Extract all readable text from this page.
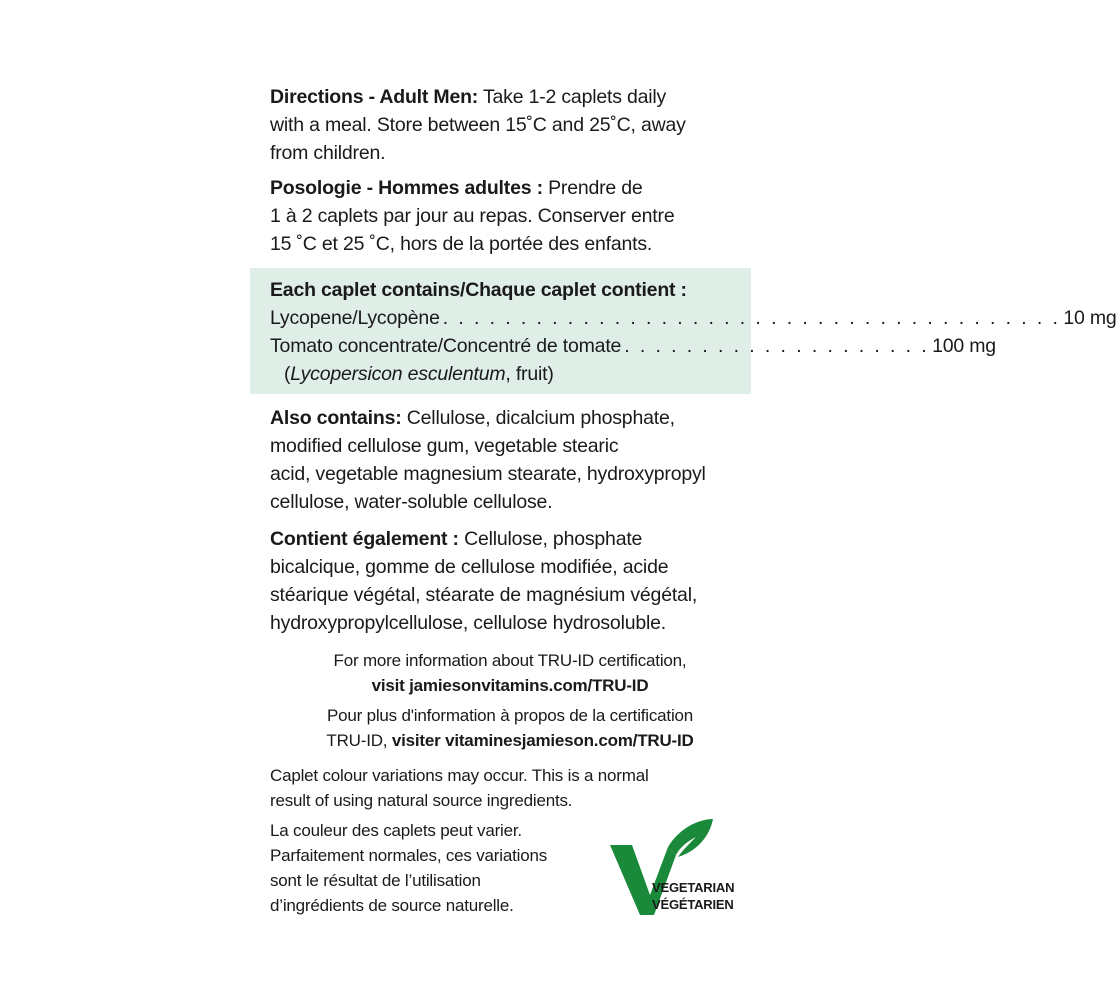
Directions - Adult Men: Take 1-2 caplets daily
with a meal. Store between 15˚C and 25˚C, away
from children.
Posologie - Hommes adultes : Prendre de
1 à 2 caplets par jour au repas. Conserver entre
15 ˚C et 25 ˚C, hors de la portée des enfants.
Each caplet contains/Chaque caplet contient :
Lycopene/Lycopène . . . . . . . . . . . . . . . . . . . . . . . . . . . . . . . . . . . . . . . . 10 mg
Tomato concentrate/Concentré de tomate . . . . . . . . . . . . . . . . . . . . 100 mg
(Lycopersicon esculentum, fruit)
Also contains: Cellulose, dicalcium phosphate,
modified cellulose gum, vegetable stearic
acid, vegetable magnesium stearate, hydroxypropyl
cellulose, water-soluble cellulose.
Contient également : Cellulose, phosphate
bicalcique, gomme de cellulose modifiée, acide
stéarique végétal, stéarate de magnésium végétal,
hydroxypropylcellulose, cellulose hydrosoluble.
For more information about TRU-ID certification,
visit jamiesonvitamins.com/TRU-ID
Pour plus d'information à propos de la certification
TRU-ID, visiter vitaminesjamieson.com/TRU-ID
Caplet colour variations may occur. This is a normal
result of using natural source ingredients.
La couleur des caplets peut varier.
Parfaitement normales, ces variations
sont le résultat de l’utilisation
d’ingrédients de source naturelle.
VEGETARIAN
VÉGÉTARIEN
